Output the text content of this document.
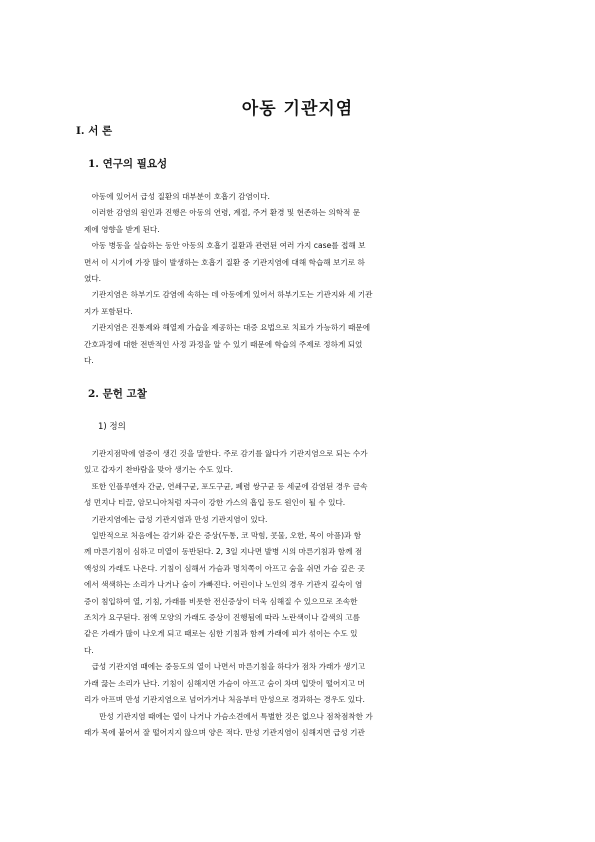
아동 기관지염
Ⅰ. 서 론
1. 연구의 필요성
　아동에 있어서 급성 질환의 대부분이 호흡기 감염이다.
　이러한 감염의 원인과 진행은 아동의 연령, 계절, 주거 환경 및 현존하는 의학적 문
제에 영향을 받게 된다.
　아동 병동을 실습하는 동안 아동의 호흡기 질환과 관련된 여러 가지 case를 접해 보
면서 이 시기에 가장 많이 발생하는 호흡기 질환 중 기관지염에 대해 학습해 보기로 하
였다.
　기관지염은 하부기도 감염에 속하는 데 아동에게 있어서 하부기도는 기관지와 세 기관
지가 포함된다.
　기관지염은 진통제와 해열제 가습을 제공하는 대증 요법으로 치료가 가능하기 때문에
간호과정에 대한 전반적인 사정 과정을 알 수 있기 때문에 학습의 주제로 정하게 되었
다.
2. 문헌 고찰
1) 정의
　기관지점막에 염증이 생긴 것을 말한다. 주로 감기를 앓다가 기관지염으로 되는 수가
있고 갑자기 찬바람을 맞아 생기는 수도 있다.
　또한 인플루엔자 간균, 연쇄구균, 포도구균, 폐렴 쌍구균 등 세균에 감염된 경우 금속
성 먼지나 티끌, 암모니아처럼 자극이 강한 가스의 흡입 등도 원인이 될 수 있다.
　기관지염에는 급성 기관지염과 만성 기관지염이 있다.
　일반적으로 처음에는 감기와 같은 증상(두통, 코 막힘, 콧물, 오한, 목이 아픔)과 함
께 마른기침이 심하고 미열이 동반된다. 2, 3일 지나면 발병 시의 마른기침과 함께 점
액성의 가래도 나온다. 기침이 심해서 가슴과 명치쪽이 아프고 숨을 쉬면 가슴 깊은 곳
에서 색색하는 소리가 나거나 숨이 가빠진다. 어린이나 노인의 경우 기관지 깊숙이 염
증이 침입하여 열, 기침, 가래를 비롯한 전신증상이 더욱 심해질 수 있으므로 조속한
조치가 요구된다. 점액 모양의 가래도 증상이 진행됨에 따라 노란색이나 갈색의 고름
같은 가래가 많이 나오게 되고 때로는 심한 기침과 함께 가래에 피가 섞이는 수도 있
다.
　급성 기관지염 때에는 중등도의 열이 나면서 마른기침을 하다가 점차 가래가 생기고
가래 끓는 소리가 난다. 기침이 심해지면 가슴이 아프고 숨이 차며 입맛이 떨어지고 머
리가 아프며 만성 기관지염으로 넘어가거나 처음부터 만성으로 경과하는 경우도 있다.
　　만성 기관지염 때에는 열이 나거나 가슴소견에서 특별한 것은 없으나 점착점착한 가
래가 목에 붙어서 잘 떨어지지 않으며 양은 적다. 만성 기관지염이 심해지면 급성 기관
